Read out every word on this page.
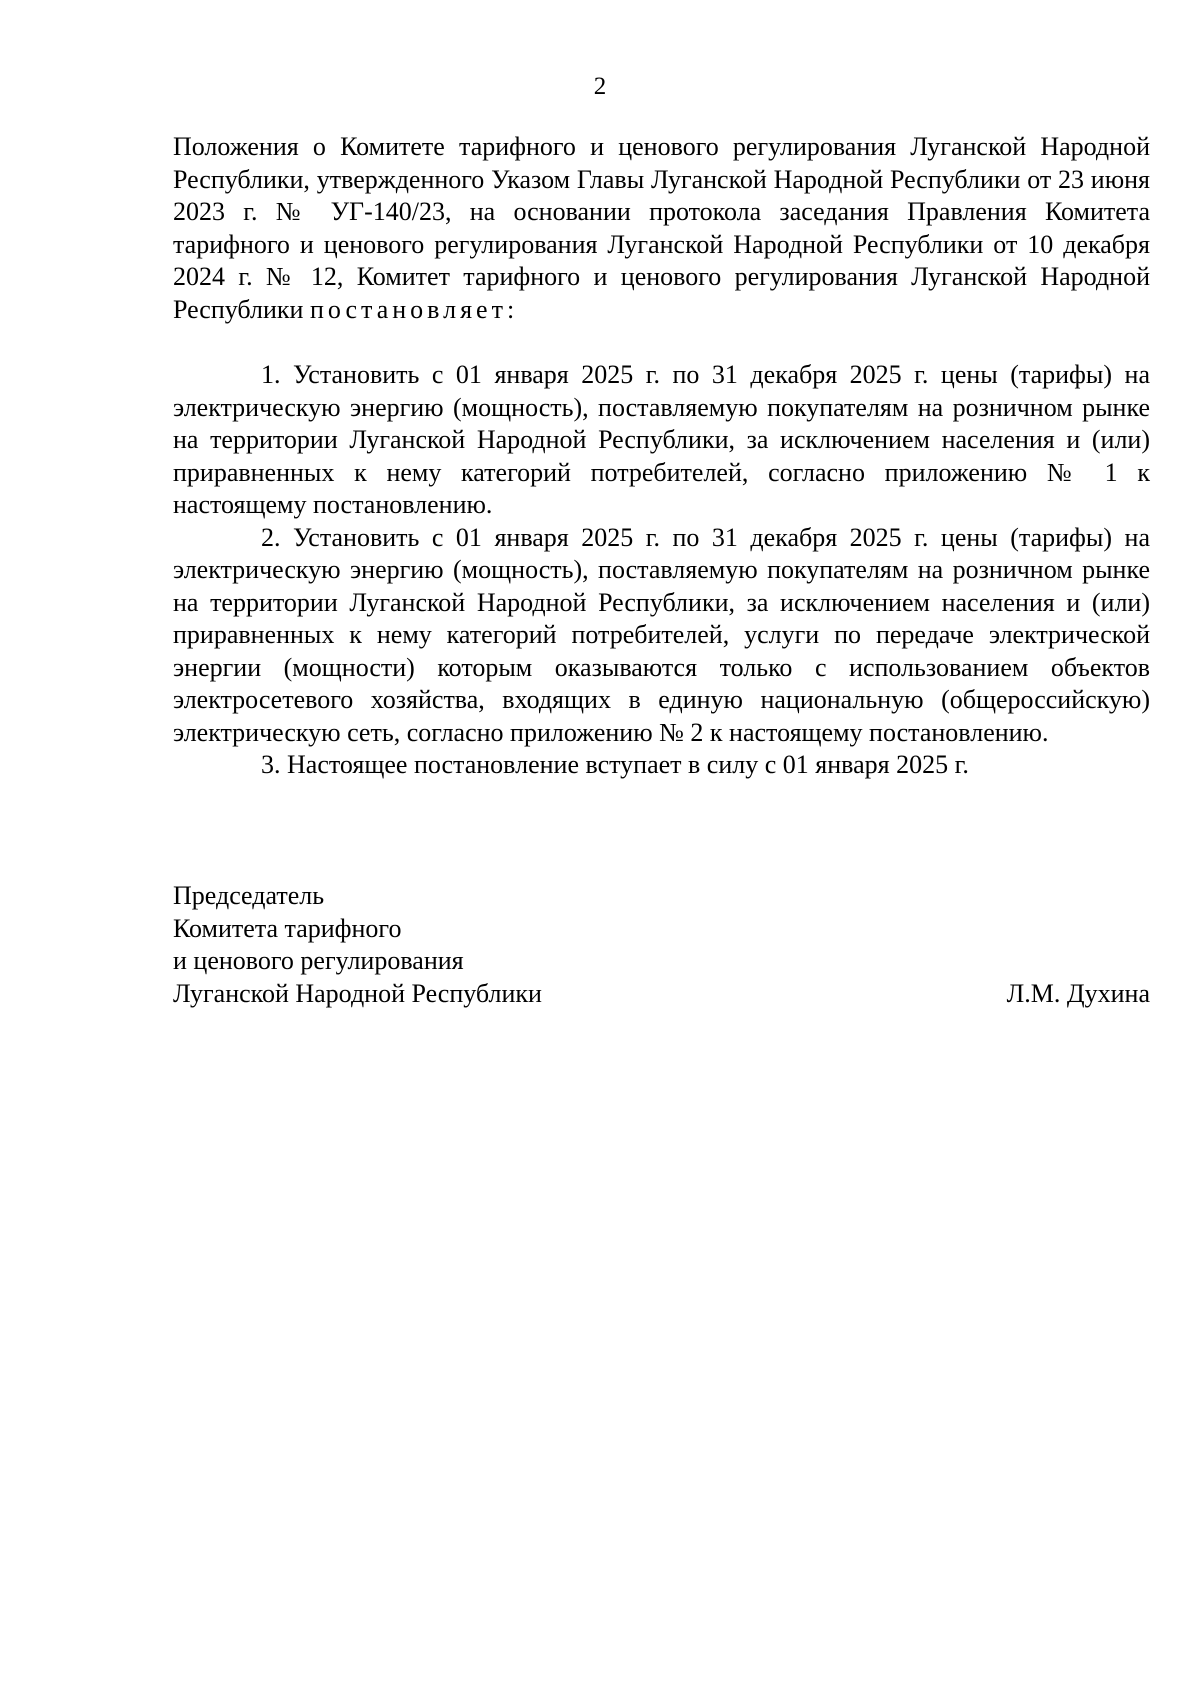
2

Положения о Комитете тарифного и ценового регулирования Луганской Народной Республики, утвержденного Указом Главы Луганской Народной Республики от 23 июня 2023 г. № УГ-140/23, на основании протокола заседания Правления Комитета тарифного и ценового регулирования Луганской Народной Республики от 10 декабря 2024 г. № 12, Комитет тарифного и ценового регулирования Луганской Народной Республики постановляет:

1. Установить с 01 января 2025 г. по 31 декабря 2025 г. цены (тарифы) на электрическую энергию (мощность), поставляемую покупателям на розничном рынке на территории Луганской Народной Республики, за исключением населения и (или) приравненных к нему категорий потребителей, согласно приложению № 1 к настоящему постановлению.

2. Установить с 01 января 2025 г. по 31 декабря 2025 г. цены (тарифы) на электрическую энергию (мощность), поставляемую покупателям на розничном рынке на территории Луганской Народной Республики, за исключением населения и (или) приравненных к нему категорий потребителей, услуги по передаче электрической энергии (мощности) которым оказываются только с использованием объектов электросетевого хозяйства, входящих в единую национальную (общероссийскую) электрическую сеть, согласно приложению № 2 к настоящему постановлению.

3. Настоящее постановление вступает в силу с 01 января 2025 г.

Председатель
Комитета тарифного
и ценового регулирования
Луганской Народной Республики	Л.М. Духина
